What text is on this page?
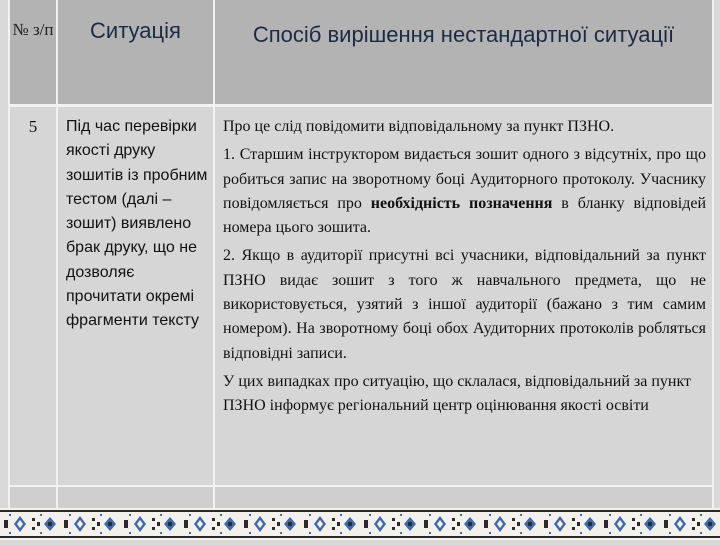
№ з/п	Ситуація	Спосіб вирішення нестандартної ситуації

5	Під час перевірки якості друку зошитів із пробним тестом (далі – зошит) виявлено брак друку, що не дозволяє прочитати окремі фрагменти тексту	Про це слід повідомити відповідальному за пункт ПЗНО.

1. Старшим інструктором видається зошит одного з відсутніх, про що робиться запис на зворотному боці Аудиторного протоколу. Учаснику повідомляється про необхідність позначення в бланку відповідей номера цього зошита.

2. Якщо в аудиторії присутні всі учасники, відповідальний за пункт ПЗНО видає зошит з того ж навчального предмета, що не використовується, узятий з іншої аудиторії (бажано з тим самим номером). На зворотному боці обох Аудиторних протоколів робляться відповідні записи.

У цих випадках про ситуацію, що склалася, відповідальний за пункт ПЗНО інформує регіональний центр оцінювання якості освіти
